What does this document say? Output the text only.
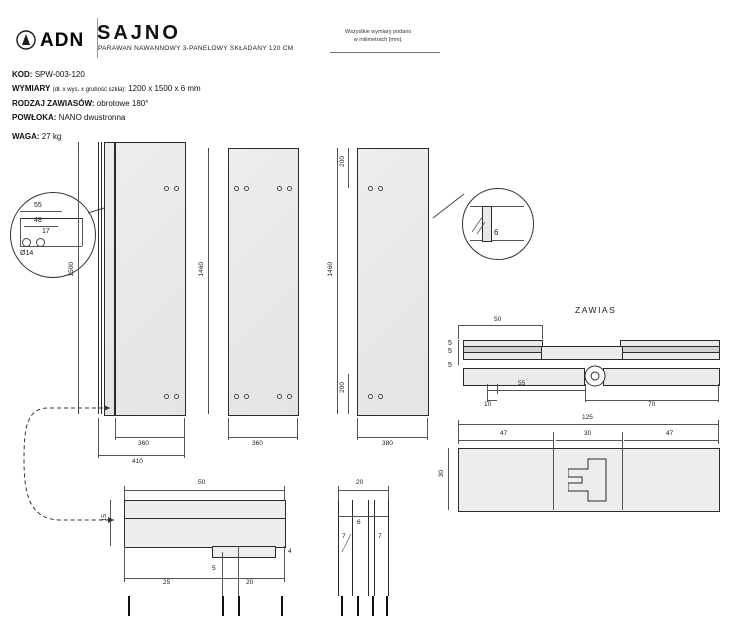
ADN SAJNO
PARAWAN NAWANNOWY 3-PANELOWY SKŁADANY 120 CM
Wszystkie wymiary podano
w milimetrach [mm].
KOD: SPW-003-120
WYMIARY (dł. x wys. x grubość szkła): 1200 x 1500 x 6 mm
RODZAJ ZAWIASÓW: obrotowe 180°
POWŁOKA: NANO dwustronna
WAGA: 27 kg
55
48
17
Ø14
1500
360
410
1460
360
1460
200
200
380
6
ZAWIAS
50
5
5
5
55
10	70
125
47	30	47
30
50
15
25
5
20
4
20
6
7	7
